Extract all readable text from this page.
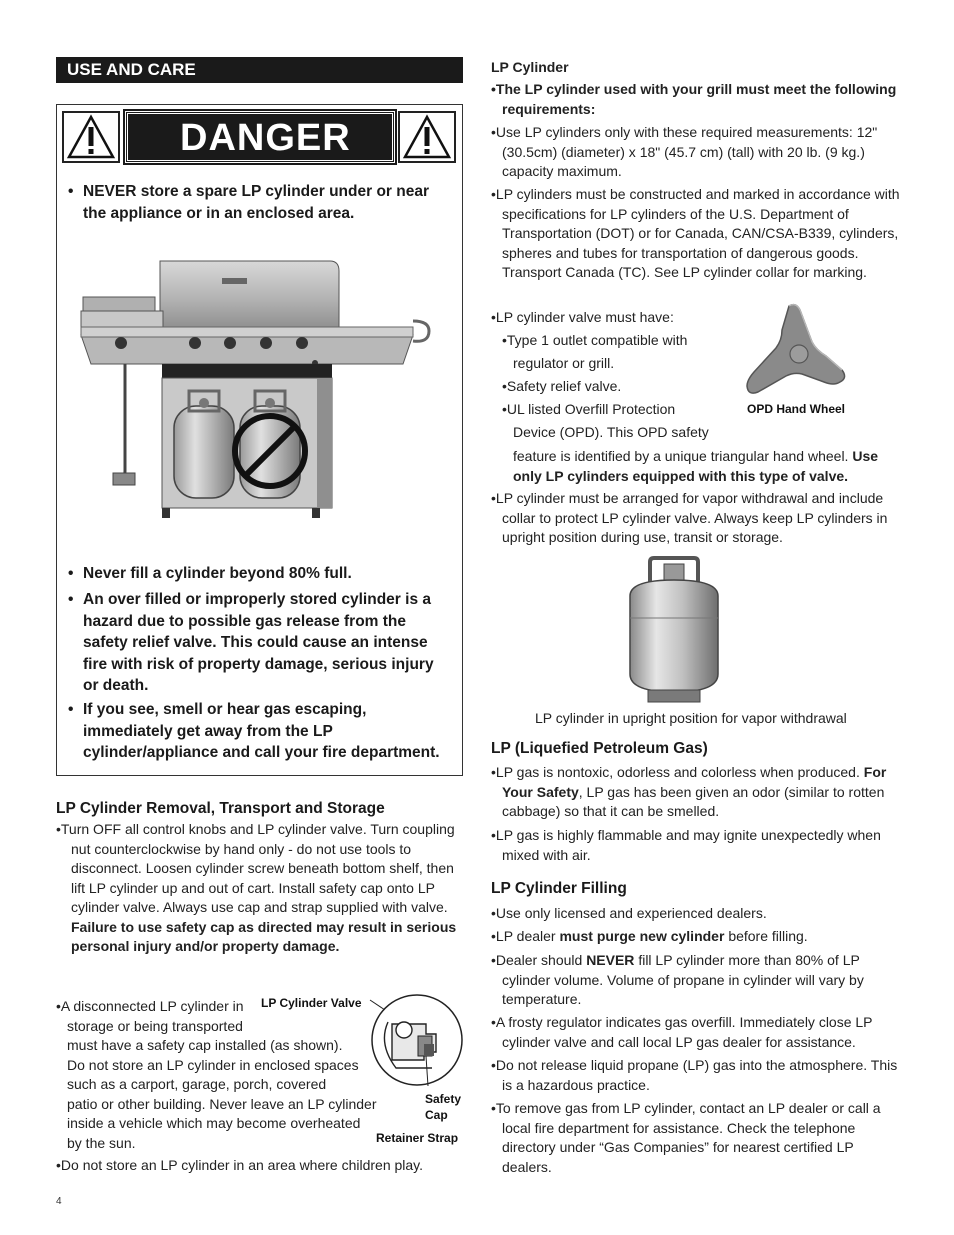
USE AND CARE
DANGER
• NEVER store a spare LP cylinder under or near the appliance or in an enclosed area.
• Never fill a cylinder beyond 80% full.
• An over filled or improperly stored cylinder is a hazard due to possible gas release from the safety relief valve. This could cause an intense fire with risk of property damage, serious injury or death.
• If you see, smell or hear gas escaping, immediately get away from the LP cylinder/appliance and call your fire department.
LP Cylinder Removal, Transport and Storage
•Turn OFF all control knobs and LP cylinder valve. Turn coupling nut counterclockwise by hand only - do not use tools to disconnect. Loosen cylinder screw beneath bottom shelf, then lift LP cylinder up and out of cart. Install safety cap onto LP cylinder valve. Always use cap and strap supplied with valve. Failure to use safety cap as directed may result in serious personal injury and/or property damage.
•A disconnected LP cylinder in
storage or being transported
must have a safety cap installed (as shown).
Do not store an LP cylinder in enclosed spaces
such as a carport, garage, porch, covered
patio or other building. Never leave an LP cylinder
inside a vehicle which may become overheated
by the sun.
•Do not store an LP cylinder in an area where children play.
LP Cylinder Valve
Safety
Cap
Retainer Strap
4
LP Cylinder
•The LP cylinder used with your grill must meet the following requirements:
•Use LP cylinders only with these required measurements: 12" (30.5cm) (diameter) x 18" (45.7 cm) (tall) with 20 lb. (9 kg.) capacity maximum.
•LP cylinders must be constructed and marked in accordance with specifications for LP cylinders of the U.S. Department of Transportation (DOT) or for Canada, CAN/CSA-B339, cylinders, spheres and tubes for transportation of dangerous goods. Transport Canada (TC). See LP cylinder collar for marking.
•LP cylinder valve must have:
•Type 1 outlet compatible with
regulator or grill.
•Safety relief valve.
•UL listed Overfill Protection
Device (OPD). This OPD safety
OPD Hand Wheel
feature is identified by a unique triangular hand wheel. Use only LP cylinders equipped with this type of valve.
•LP cylinder must be arranged for vapor withdrawal and include collar to protect LP cylinder valve. Always keep LP cylinders in upright position during use, transit or storage.
LP cylinder in upright position for vapor withdrawal
LP (Liquefied Petroleum Gas)
•LP gas is nontoxic, odorless and colorless when produced. For Your Safety, LP gas has been given an odor (similar to rotten cabbage) so that it can be smelled.
•LP gas is highly flammable and may ignite unexpectedly when mixed with air.
LP Cylinder Filling
•Use only licensed and experienced dealers.
•LP dealer must purge new cylinder before filling.
•Dealer should NEVER fill LP cylinder more than 80% of LP cylinder volume. Volume of propane in cylinder will vary by temperature.
•A frosty regulator indicates gas overfill. Immediately close LP cylinder valve and call local LP gas dealer for assistance.
•Do not release liquid propane (LP) gas into the atmosphere. This is a hazardous practice.
•To remove gas from LP cylinder, contact an LP dealer or call a local fire department for assistance. Check the telephone directory under “Gas Companies” for nearest certified LP dealers.
